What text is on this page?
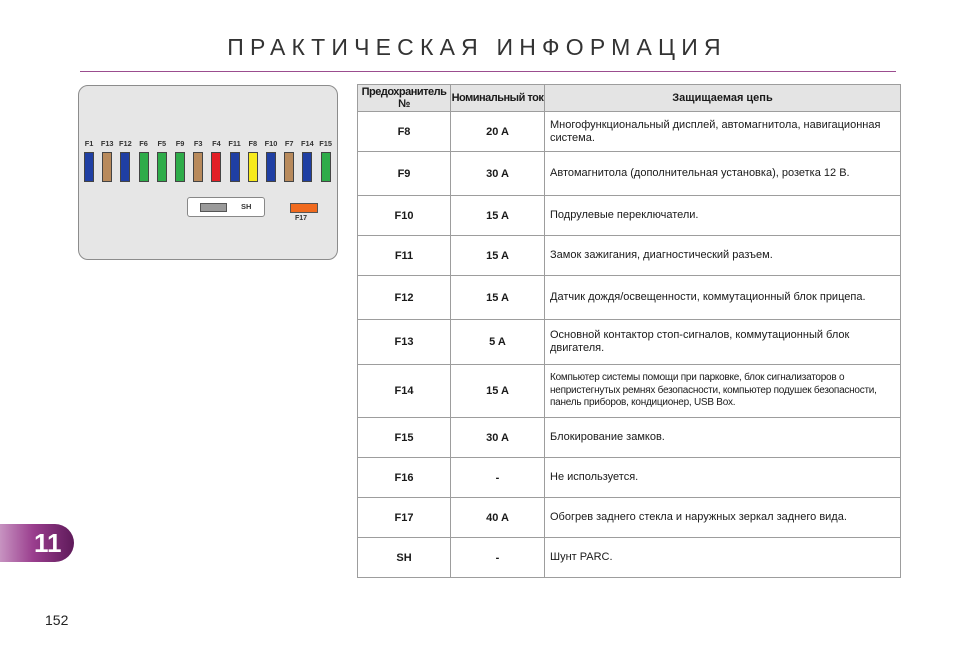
ПРАКТИЧЕСКАЯ ИНФОРМАЦИЯ
SH
F17
F1	F13 F12	F6	F5	F9	F3	F4	F11	F8	F10	F7	F14 F15
Предохранитель №	Номинальный ток	Защищаемая цепь
F8	20 A	Многофункциональный дисплей, автомагнитола, навигационная система.
F9	30 A	Автомагнитола (дополнительная установка), розетка 12 В.
F10	15 A	Подрулевые переключатели.
F11	15 A	Замок зажигания, диагностический разъем.
F12	15 A	Датчик дождя/освещенности, коммутационный блок прицепа.
F13	5 A	Основной контактор стоп-сигналов, коммутационный блок двигателя.
F14	15 A	Компьютер системы помощи при парковке, блок сигнализаторов о непристегнутых ремнях безопасности, компьютер подушек безопасности, панель приборов, кондиционер, USB Box.
F15	30 A	Блокирование замков.
F16	-	Не используется.
F17	40 A	Обогрев заднего стекла и наружных зеркал заднего вида.
SH	-	Шунт PARC.
11
152
